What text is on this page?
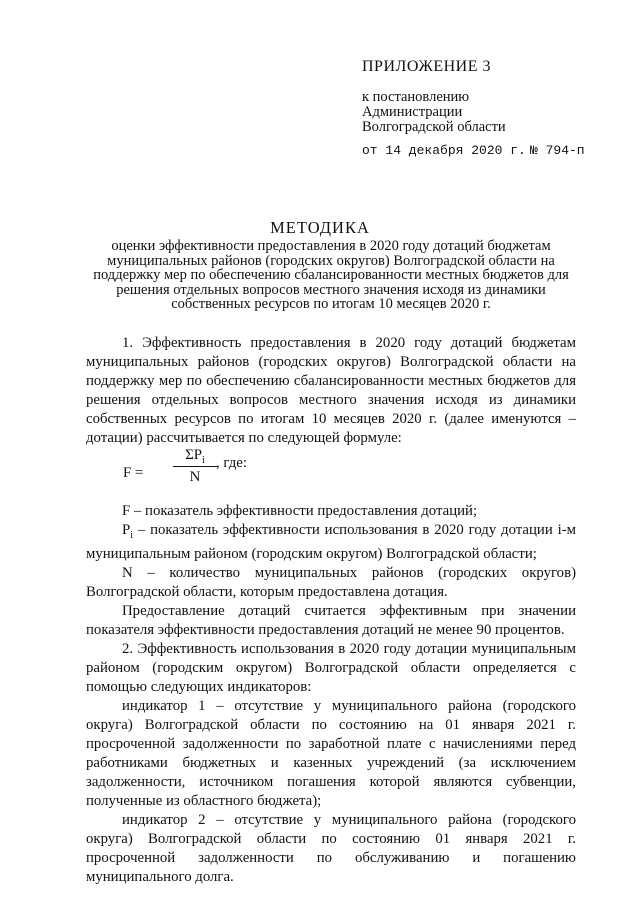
ПРИЛОЖЕНИЕ 3
к постановлению
Администрации
Волгоградской области
от 14 декабря 2020 г. № 794-п
МЕТОДИКА
оценки эффективности предоставления в 2020 году дотаций бюджетам муниципальных районов (городских округов) Волгоградской области на поддержку мер по обеспечению сбалансированности местных бюджетов для решения отдельных вопросов местного значения исходя из динамики собственных ресурсов по итогам 10 месяцев 2020 г.

1. Эффективность предоставления в 2020 году дотаций бюджетам муниципальных районов (городских округов) Волгоградской области на поддержку мер по обеспечению сбалансированности местных бюджетов для решения отдельных вопросов местного значения исходя из динамики собственных ресурсов по итогам 10 месяцев 2020 г. (далее именуются – дотации) рассчитывается по следующей формуле:

F =
$\Sigma P_i$
N
, где:

F – показатель эффективности предоставления дотаций;

$P_i$ – показатель эффективности использования в 2020 году дотации i-м муниципальным районом (городским округом) Волгоградской области;

N – количество муниципальных районов (городских округов) Волгоградской области, которым предоставлена дотация.

Предоставление дотаций считается эффективным при значении показателя эффективности предоставления дотаций не менее 90 процентов.

2. Эффективность использования в 2020 году дотации муниципальным районом (городским округом) Волгоградской области определяется с помощью следующих индикаторов:

индикатор 1 – отсутствие у муниципального района (городского округа) Волгоградской области по состоянию на 01 января 2021 г. просроченной задолженности по заработной плате с начислениями перед работниками бюджетных и казенных учреждений (за исключением задолженности, источником погашения которой являются субвенции, полученные из областного бюджета);

индикатор 2 – отсутствие у муниципального района (городского округа) Волгоградской области по состоянию 01 января 2021 г. просроченной задолженности по обслуживанию и погашению муниципального долга.
